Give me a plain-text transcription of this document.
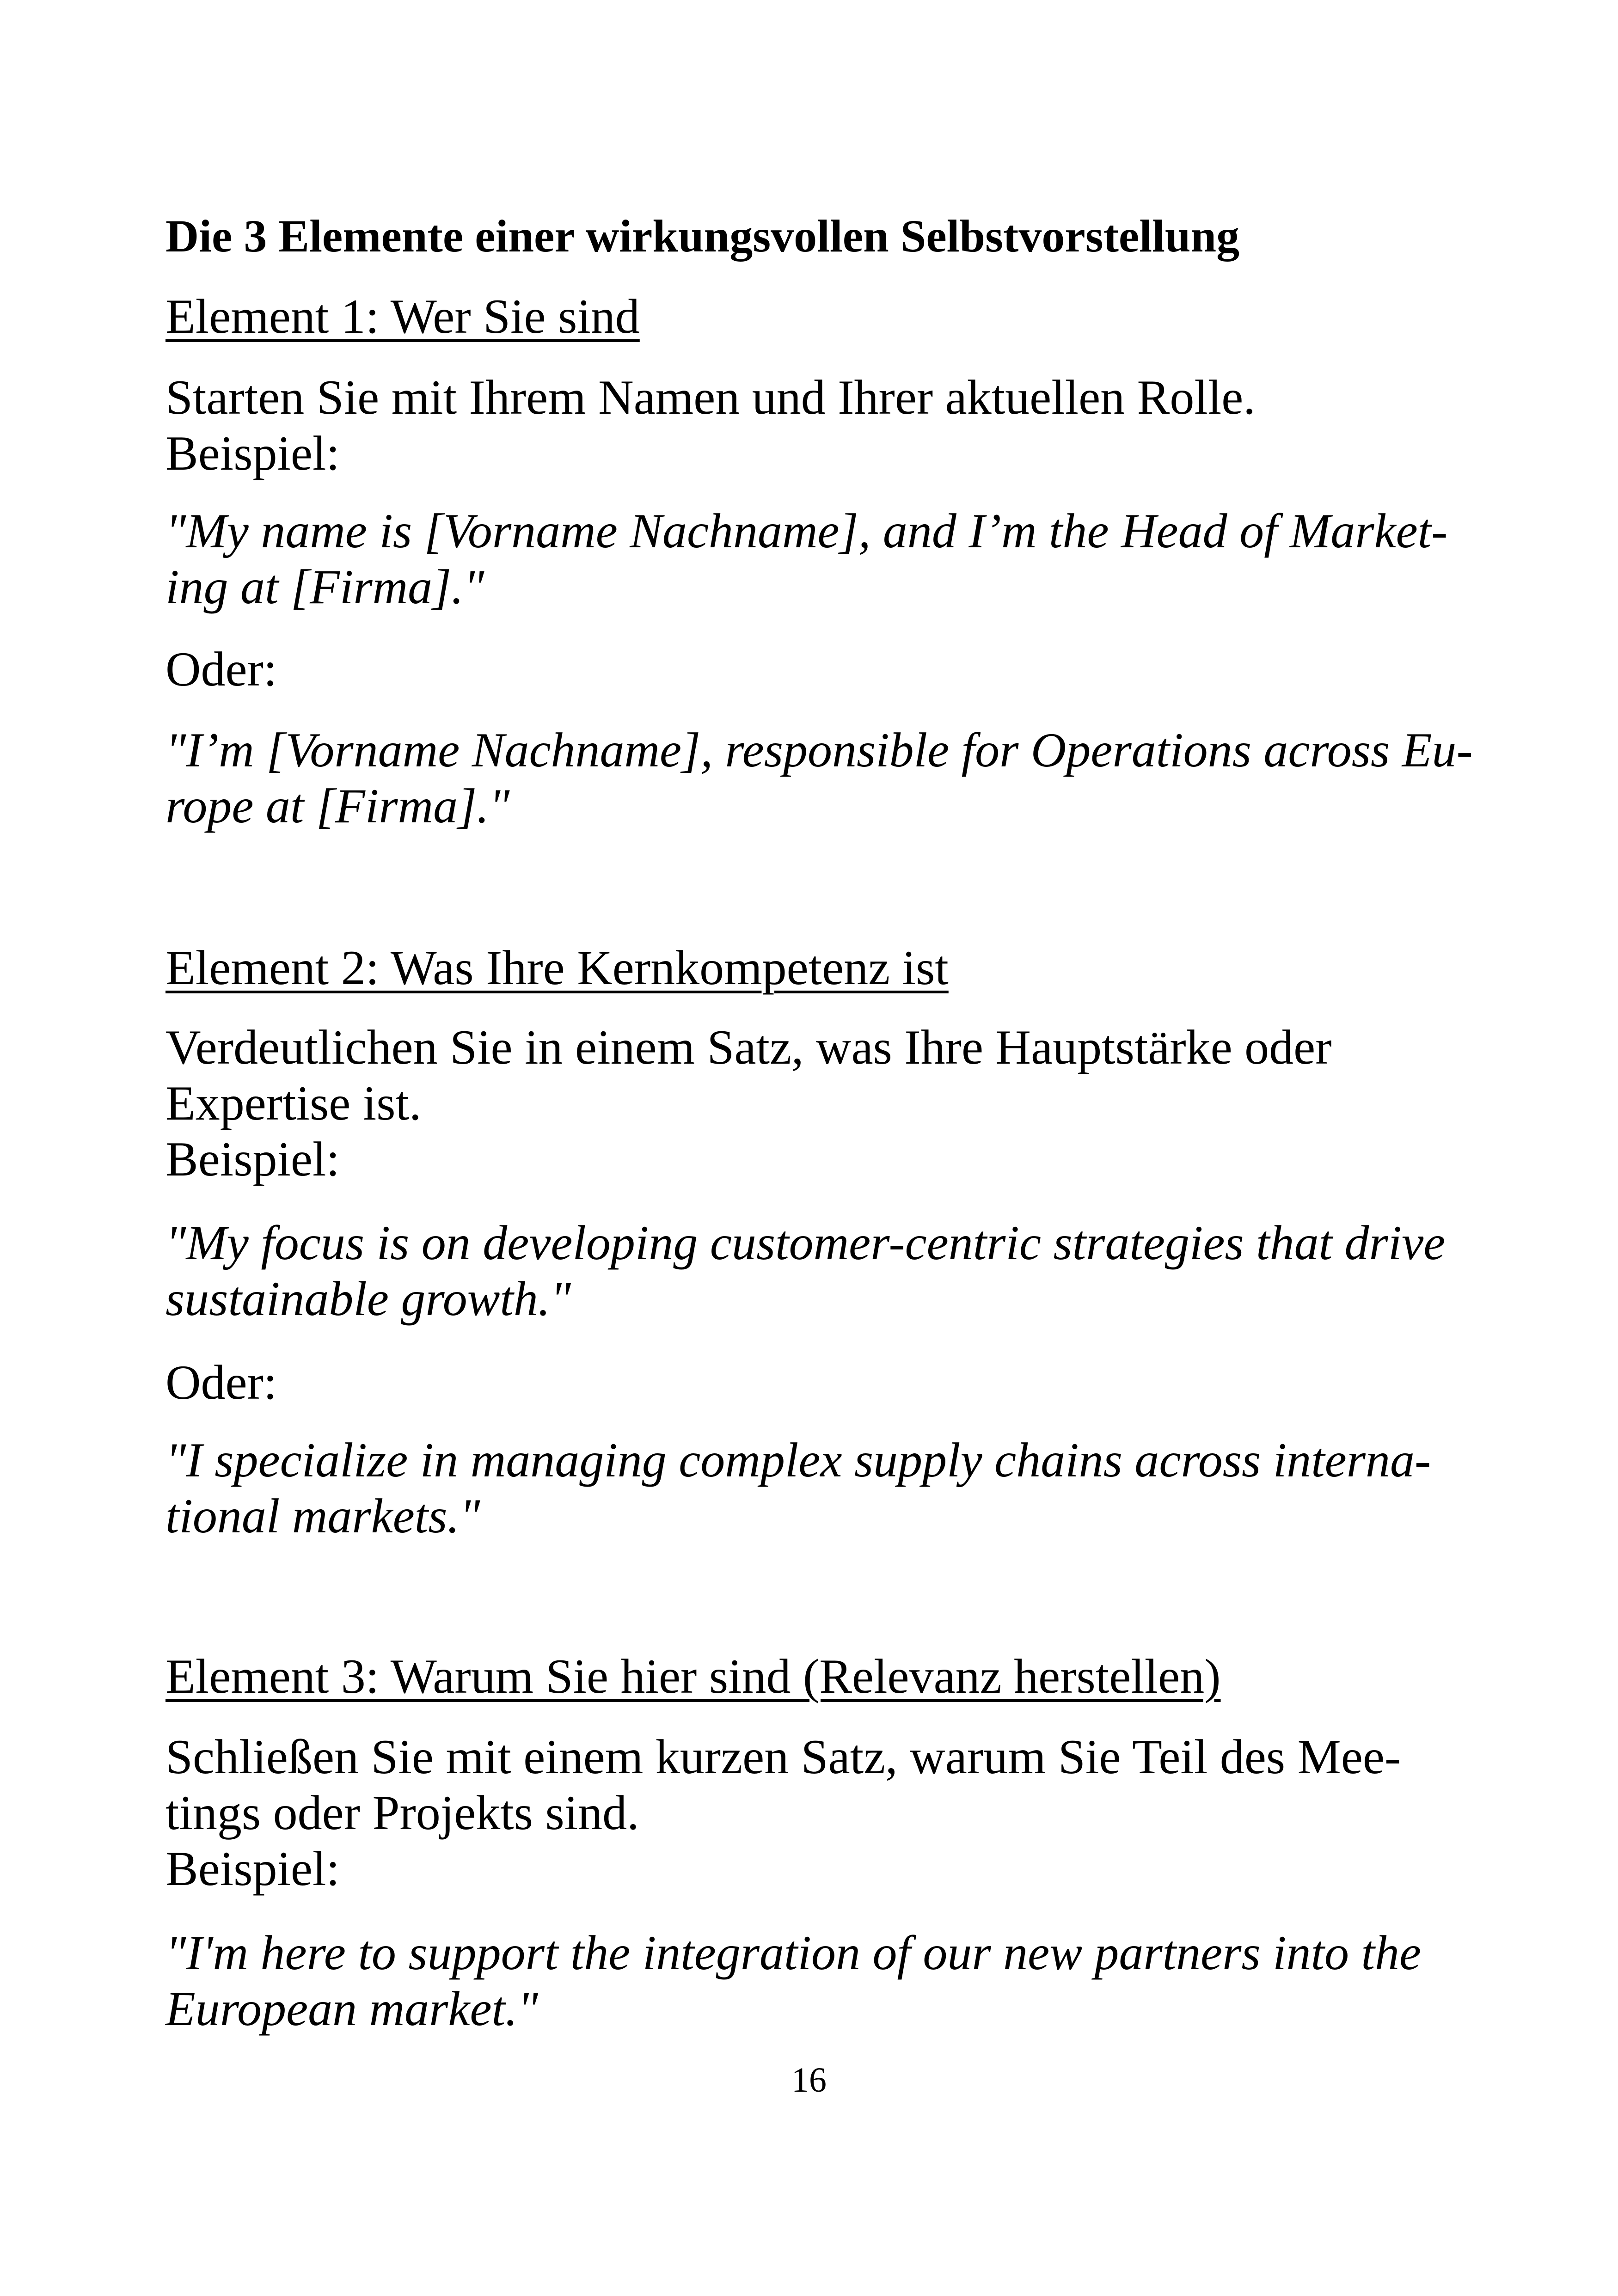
Die 3 Elemente einer wirkungsvollen Selbstvorstellung
Element 1: Wer Sie sind
Starten Sie mit Ihrem Namen und Ihrer aktuellen Rolle.
Beispiel:
"My name is [Vorname Nachname], and I’m the Head of Market-
ing at [Firma]."
Oder:
"I’m [Vorname Nachname], responsible for Operations across Eu-
rope at [Firma]."
Element 2: Was Ihre Kernkompetenz ist
Verdeutlichen Sie in einem Satz, was Ihre Hauptstärke oder
Expertise ist.
Beispiel:
"My focus is on developing customer-centric strategies that drive
sustainable growth."
Oder:
"I specialize in managing complex supply chains across interna-
tional markets."
Element 3: Warum Sie hier sind (Relevanz herstellen)
Schließen Sie mit einem kurzen Satz, warum Sie Teil des Mee-
tings oder Projekts sind.
Beispiel:
"I'm here to support the integration of our new partners into the
European market."
16
